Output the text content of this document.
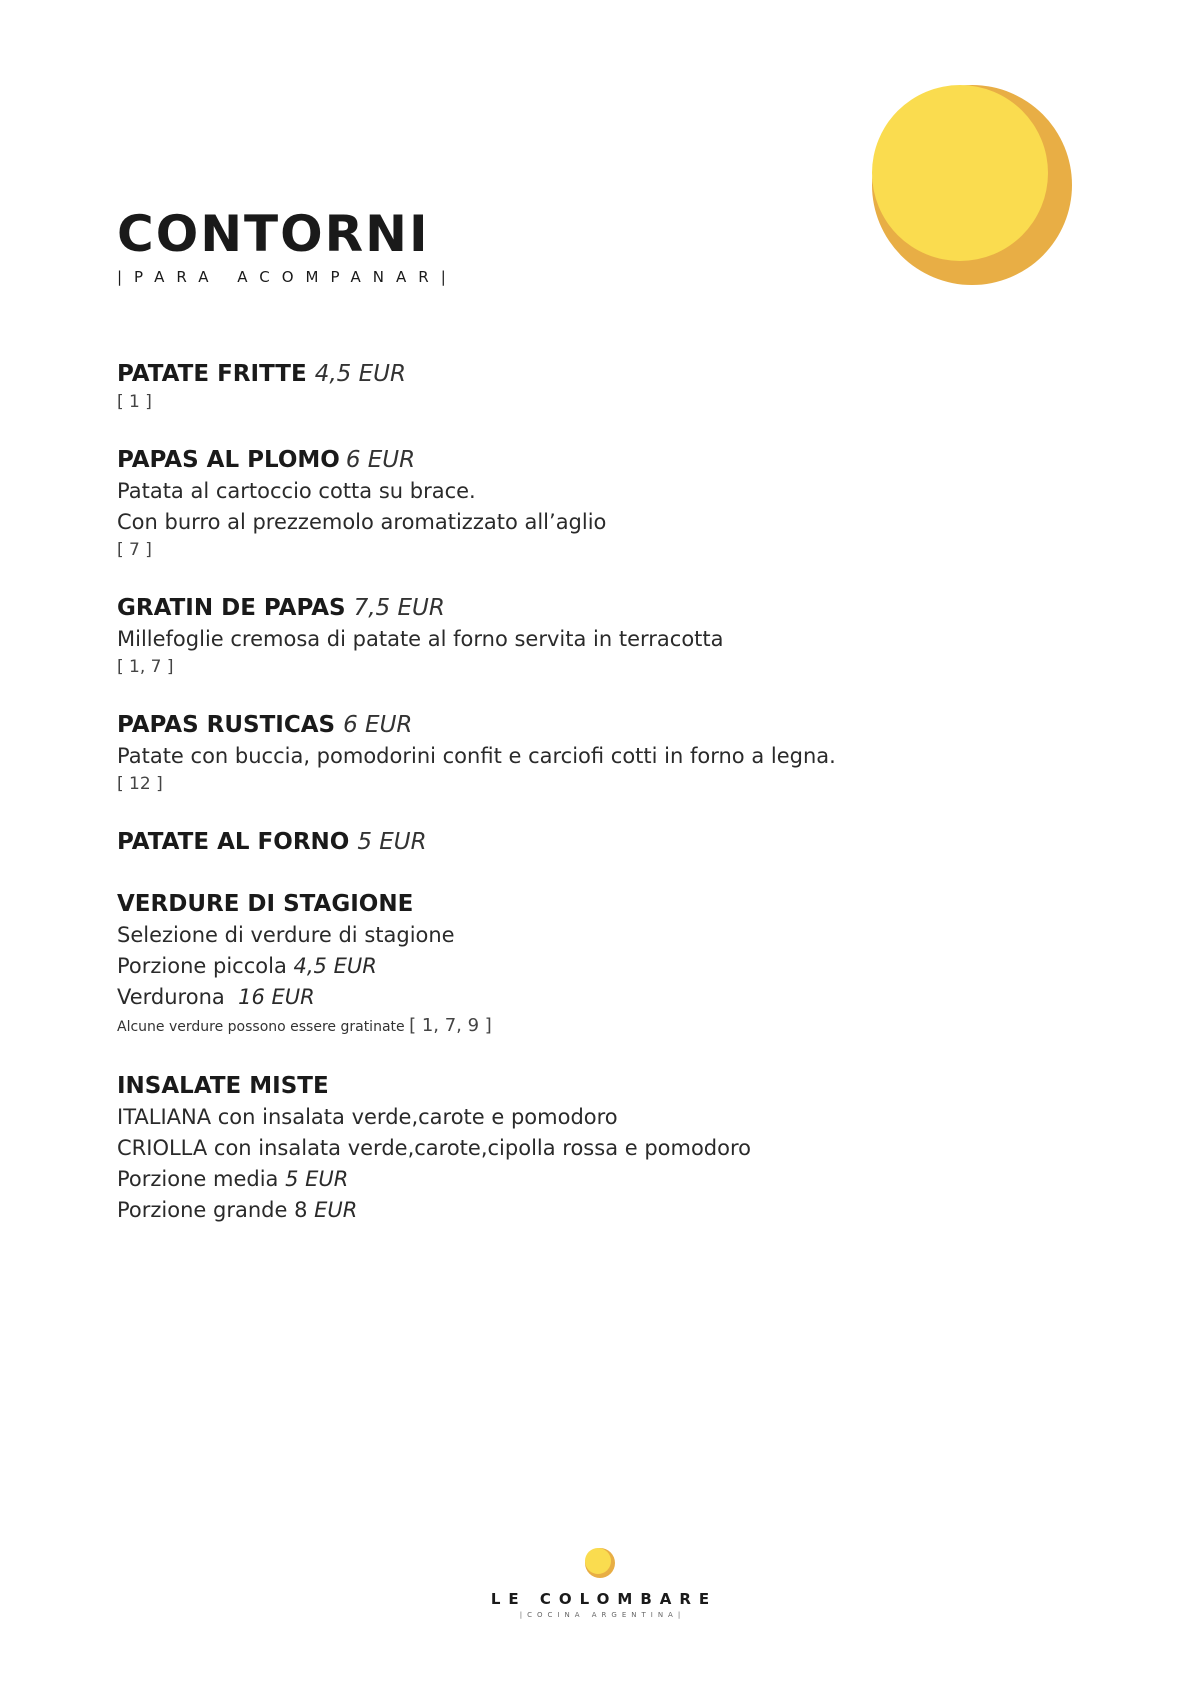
CONTORNI
|PARA ACOMPANAR|
PATATE FRITTE 4,5 EUR
[ 1 ]
PAPAS AL PLOMO 6 EUR
Patata al cartoccio cotta su brace.
Con burro al prezzemolo aromatizzato all’aglio
[ 7 ]
GRATIN DE PAPAS 7,5 EUR
Millefoglie cremosa di patate al forno servita in terracotta
[ 1, 7 ]
PAPAS RUSTICAS 6 EUR
Patate con buccia, pomodorini confit e carciofi cotti in forno a legna.
[ 12 ]
PATATE AL FORNO 5 EUR
VERDURE DI STAGIONE
Selezione di verdure di stagione
Porzione piccola 4,5 EUR
Verdurona 16 EUR
Alcune verdure possono essere gratinate [ 1, 7, 9 ]
INSALATE MISTE
ITALIANA con insalata verde,carote e pomodoro
CRIOLLA con insalata verde,carote,cipolla rossa e pomodoro
Porzione media 5 EUR
Porzione grande 8 EUR
LE COLOMBARE
|COCINA ARGENTINA|
